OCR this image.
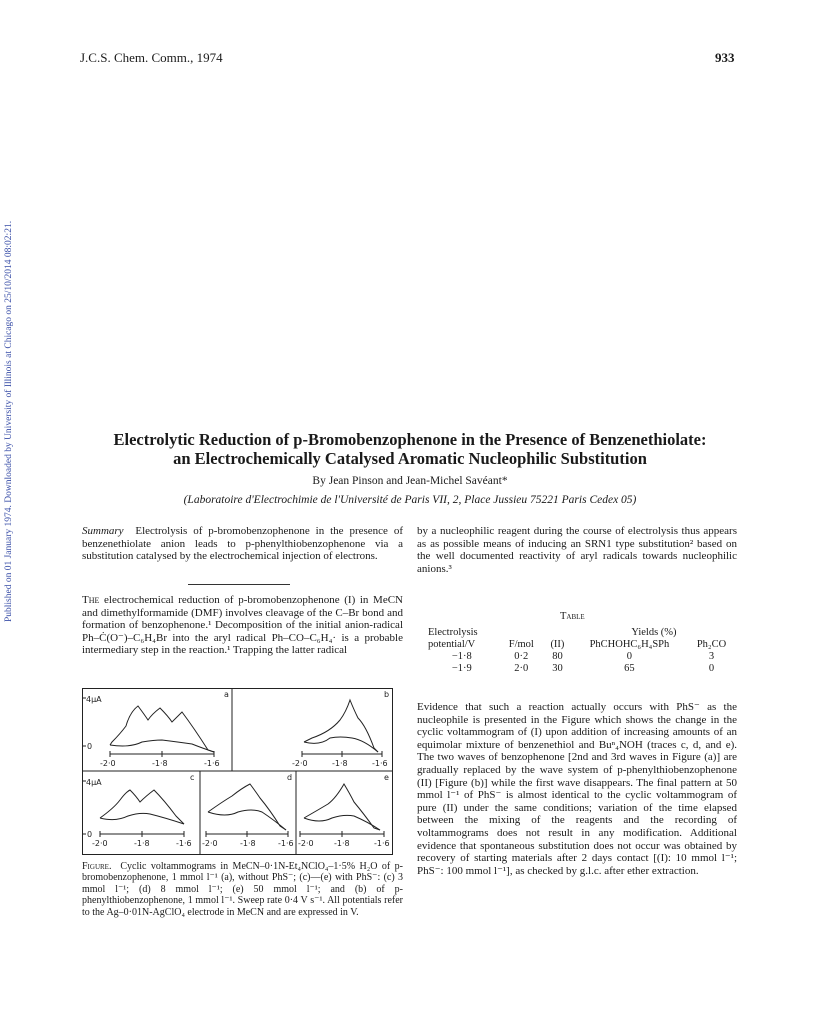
J.C.S. Chem. Comm., 1974	933
Published on 01 January 1974. Downloaded by University of Illinois at Chicago on 25/10/2014 08:02:21.	Electrolytic Reduction of p-Bromobenzophenone in the Presence of Benzenethiolate:
an Electrochemically Catalysed Aromatic Nucleophilic Substitution
By Jean Pinson and Jean-Michel Savéant*
(Laboratoire d'Electrochimie de l'Université de Paris VII, 2, Place Jussieu 75221 Paris Cedex 05)
Summary Electrolysis of p-bromobenzophenone in the presence of benzenethiolate anion leads to p-phenylthiobenzophenone via a substitution catalysed by the electrochemical injection of electrons.
The electrochemical reduction of p-bromobenzophenone (I) in MeCN and dimethylformamide (DMF) involves cleavage of the C–Br bond and formation of benzophenone.¹ Decomposition of the initial anion-radical Ph–Ċ(O⁻)–C₆H₄Br into the aryl radical Ph–CO–C₆H₄· is a probable intermediary step in the reaction.¹ Trapping the latter radical
by a nucleophilic reagent during the course of electrolysis thus appears as as possible means of inducing an SRN1 type substitution² based on the well documented reactivity of aryl radicals towards nucleophilic anions.³
Table
Electrolysis			Yields (%)	
potential/V	F/mol	(II)	PhCHOHC₆H₄SPh	Ph₂CO
−1·8	0·2	80	0	3
−1·9	2·0	30	65	0
Evidence that such a reaction actually occurs with PhS⁻ as the nucleophile is presented in the Figure which shows the change in the cyclic voltammogram of (I) upon addition of increasing amounts of an equimolar mixture of benzenethiol and Buⁿ₄NOH (traces c, d, and e). The two waves of benzophenone [2nd and 3rd waves in Figure (a)] are gradually replaced by the wave system of p-phenylthiobenzophenone (II) [Figure (b)] while the first wave disappears. The final pattern at 50 mmol l⁻¹ of PhS⁻ is almost identical to the cyclic voltammogram of pure (II) under the same conditions; variation of the time elapsed between the mixing of the reagents and the recording of voltammograms does not result in any modification. Additional evidence that spontaneous substitution does not occur was obtained by recovery of starting materials after 2 days contact [(I): 10 mmol l⁻¹; PhS⁻: 100 mmol l⁻¹], as checked by g.l.c. after ether extraction.
4μA
4μA
0
0
a	b
c	d	e
-2·0	-1·8	-1·6	-2·0	-1·8	-1·6
-2·0	-1·8	-1·6 -2·0	-1·8	-1·6 -2·0	-1·8	-1·6
Figure. Cyclic voltammograms in MeCN–0·1N-Et₄NClO₄–1·5% H₂O of p-bromobenzophenone, 1 mmol l⁻¹ (a), without PhS⁻; (c)—(e) with PhS⁻: (c) 3 mmol l⁻¹; (d) 8 mmol l⁻¹; (e) 50 mmol l⁻¹; and (b) of p-phenylthiobenzophenone, 1 mmol l⁻¹. Sweep rate 0·4 V s⁻¹. All potentials refer to the Ag–0·01N-AgClO₄ electrode in MeCN and are expressed in V.
